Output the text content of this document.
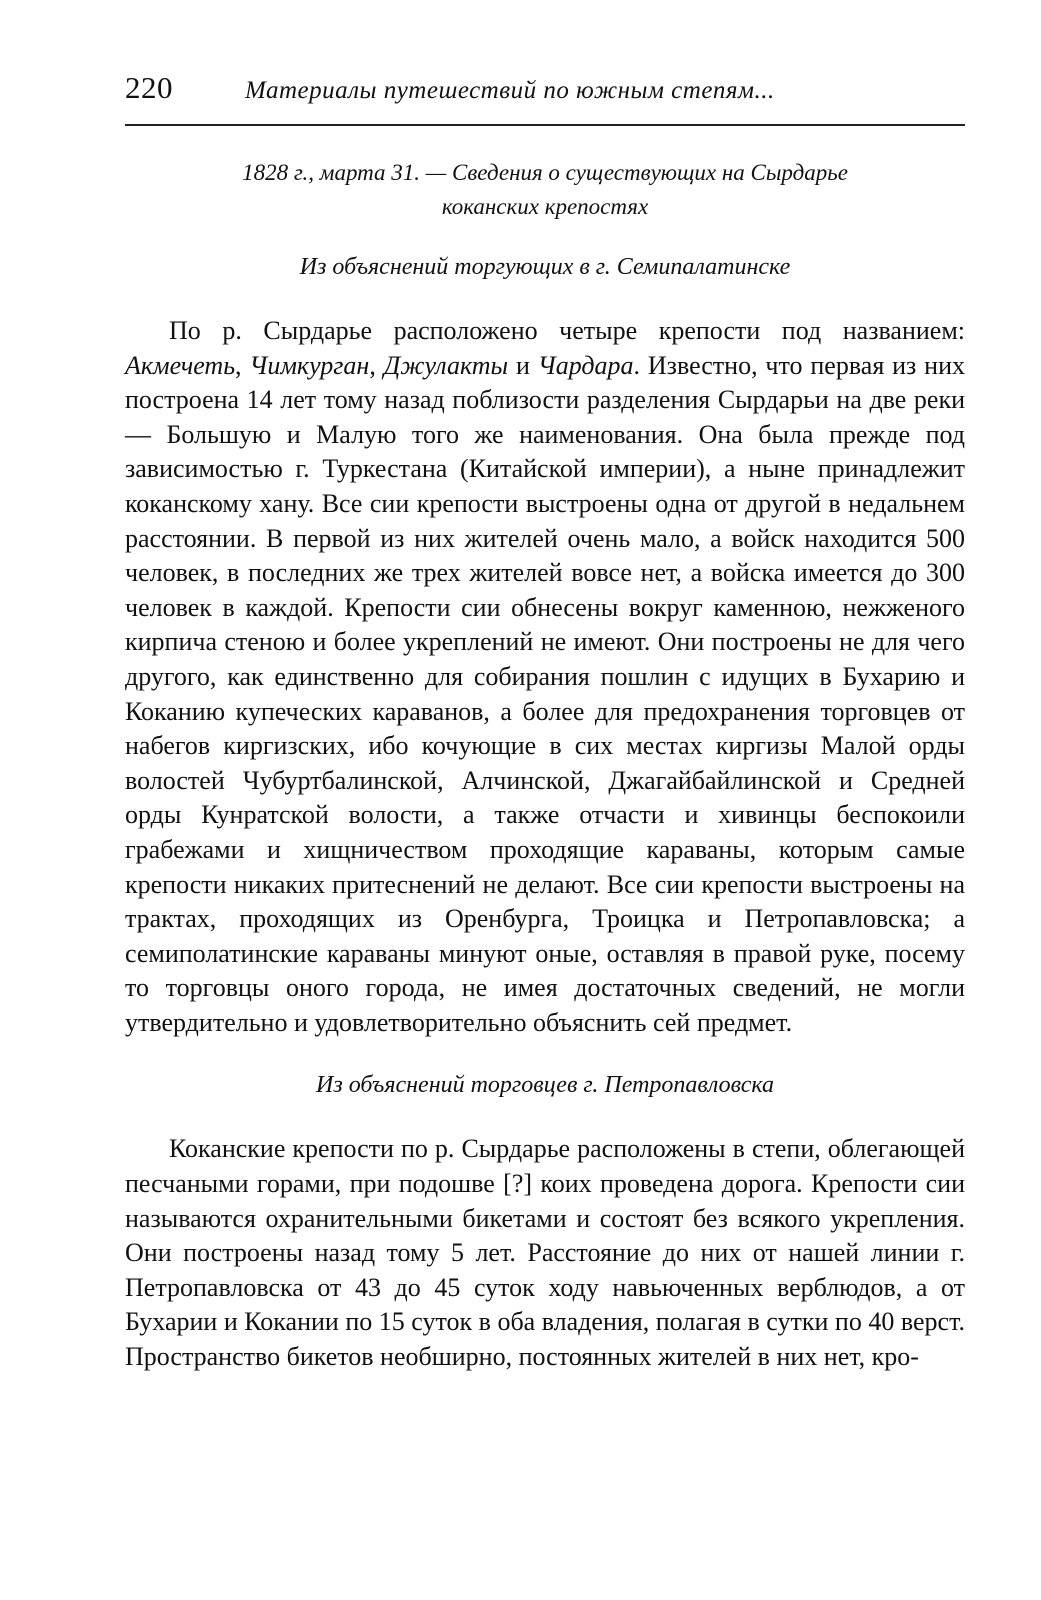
220	Материалы путешествий по южным степям...
1828 г., марта 31. — Сведения о существующих на Сырдарье
коканских крепостях
Из объяснений торгующих в г. Семипалатинске

По р. Сырдарье расположено четыре крепости под названием: Акмечеть, Чимкурган, Джулакты и Чардара. Известно, что первая из них построена 14 лет тому назад поблизости разделения Сырдарьи на две реки — Большую и Малую того же наименования. Она была прежде под зависимостью г. Туркестана (Китайской империи), а ныне принадлежит коканскому хану. Все сии крепости выстроены одна от другой в недальнем расстоянии. В первой из них жителей очень мало, а войск находится 500 человек, в последних же трех жителей вовсе нет, а войска имеется до 300 человек в каждой. Крепости сии обнесены вокруг каменною, нежженого кирпича стеною и более укреплений не имеют. Они построены не для чего другого, как единственно для собирания пошлин с идущих в Бухарию и Коканию купеческих караванов, а более для предохранения торговцев от набегов киргизских, ибо кочующие в сих местах киргизы Малой орды волостей Чубуртбалинской, Алчинской, Джагайбайлинской и Средней орды Кунратской волости, а также отчасти и хивинцы беспокоили грабежами и хищничеством проходящие караваны, которым самые крепости никаких притеснений не делают. Все сии крепости выстроены на трактах, проходящих из Оренбурга, Троицка и Петропавловска; а семиполатинские караваны минуют оные, оставляя в правой руке, посему то торговцы оного города, не имея достаточных сведений, не могли утвердительно и удовлетворительно объяснить сей предмет.

Из объяснений торговцев г. Петропавловска

Коканские крепости по р. Сырдарье расположены в степи, облегающей песчаными горами, при подошве [?] коих проведена дорога. Крепости сии называются охранительными бикетами и состоят без всякого укрепления. Они построены назад тому 5 лет. Расстояние до них от нашей линии г. Петропавловска от 43 до 45 суток ходу навьюченных верблюдов, а от Бухарии и Кокании по 15 суток в оба владения, полагая в сутки по 40 верст. Пространство бикетов необширно, постоянных жителей в них нет, кро-
